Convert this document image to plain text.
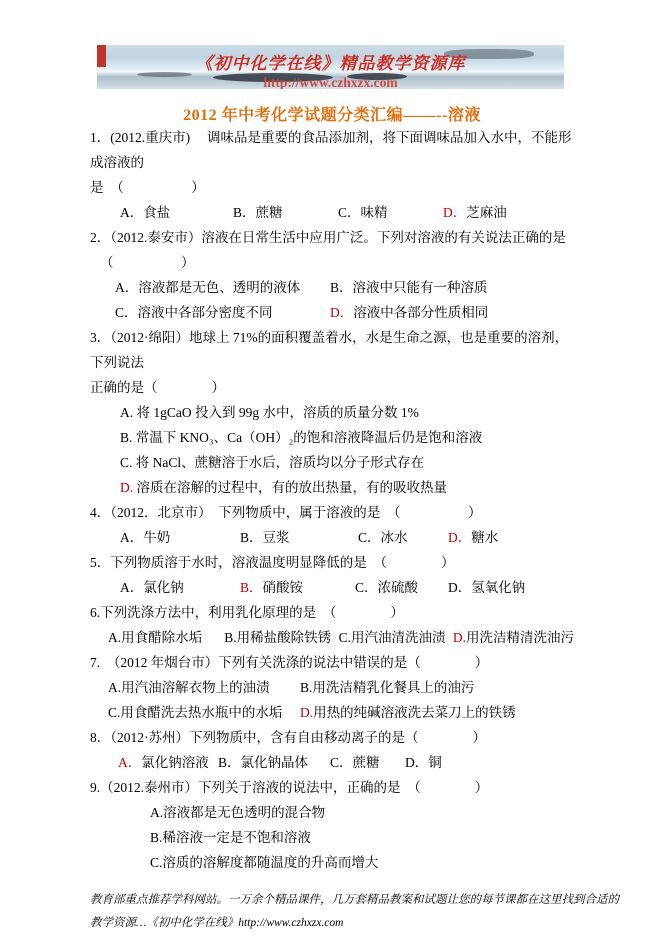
《初中化学在线》精品教学资源库
http://www.czhxzx.com
2012 年中考化学试题分类汇编——--溶液

1．(2012.重庆市)　 调味品是重要的食品添加剂，将下面调味品加入水中，不能形成溶液的

是　（　　　　　）

A．食盐	B．蔗糖	C．味精	D．芝麻油

2．（2012.泰安市）溶液在日常生活中应用广泛。下列对溶液的有关说法正确的是

（　　　　　）

A．溶液都是无色、透明的液体	B．溶液中只能有一种溶质
C．溶液中各部分密度不同	D．溶液中各部分性质相同

3．（2012·绵阳）地球上 71%的面积覆盖着水，水是生命之源，也是重要的溶剂，下列说法

正确的是（　　　　）

A. 将 1gCaO 投入到 99g 水中，溶质的质量分数 1%

B. 常温下 KNO₃、Ca（OH）₂的饱和溶液降温后仍是饱和溶液

C. 将 NaCl、蔗糖溶于水后，溶质均以分子形式存在

D. 溶质在溶解的过程中，有的放出热量，有的吸收热量

4．（2012．北京市）　下列物质中，属于溶液的是　（　　　　　）

A．牛奶	B．豆浆	C．冰水	D．糖水

5．下列物质溶于水时，溶液温度明显降低的是　（　　　　）

A．氯化钠	B．硝酸铵	C．浓硫酸	D．氢氧化钠

6.下列洗涤方法中，利用乳化原理的是　（　　　　）

A.用食醋除水垢	B.用稀盐酸除铁锈 C.用汽油清洗油渍 D.用洗洁精清洗油污

7.　（2012 年烟台市）下列有关洗涤的说法中错误的是（　　　　）

A.用汽油溶解衣物上的油渍	B.用洗洁精乳化餐具上的油污
C.用食醋洗去热水瓶中的水垢	D.用热的纯碱溶液洗去菜刀上的铁锈

8．（2012·苏州）下列物质中，含有自由移动离子的是（　　　　）

A．氯化钠溶液 B．氯化钠晶体	C．蔗糖	D．铜

9.（2012.泰州市）下列关于溶液的说法中，正确的是　（　　　　）

A.溶液都是无色透明的混合物

B.稀溶液一定是不饱和溶液

C.溶质的溶解度都随温度的升高而增大

教育部重点推荐学科网站。一万余个精品课件，几万套精品教案和试题让您的每节课都在这里找到合适的

教学资源…《初中化学在线》http://www.czhxzx.com
